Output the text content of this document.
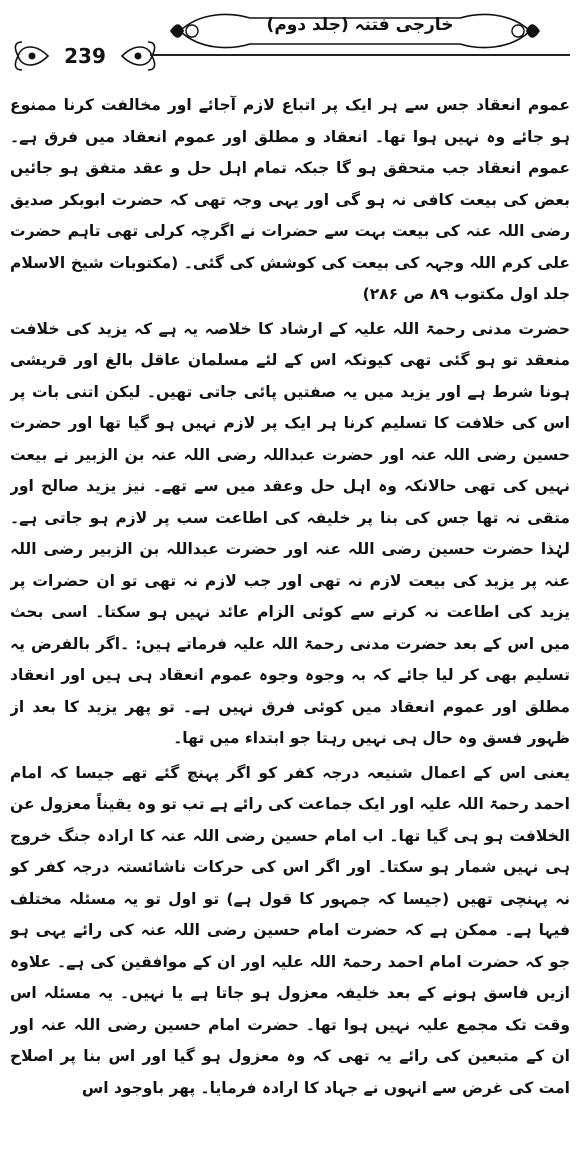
خارجی فتنہ (جلد دوم)
239

عموم انعقاد جس سے ہر ایک پر اتباع لازم آجائے اور مخالفت کرنا ممنوع ہو جائے وہ نہیں ہوا تھا۔ انعقاد و مطلق اور عموم انعقاد میں فرق ہے۔ عموم انعقاد جب متحقق ہو گا جبکہ تمام اہل حل و عقد متفق ہو جائیں بعض کی بیعت کافی نہ ہو گی اور یہی وجہ تھی کہ حضرت ابوبکر صدیق رضی اللہ عنہ کی بیعت بہت سے حضرات نے اگرچہ کرلی تھی تاہم حضرت علی کرم اللہ وجہہ کی بیعت کی کوشش کی گئی۔ (مکتوبات شیخ الاسلام جلد اول مکتوب ۸۹ ص ۲۸۶)

حضرت مدنی رحمۃ اللہ علیہ کے ارشاد کا خلاصہ یہ ہے کہ یزید کی خلافت منعقد تو ہو گئی تھی کیونکہ اس کے لئے مسلمان عاقل بالغ اور قریشی ہونا شرط ہے اور یزید میں یہ صفتیں پائی جاتی تھیں۔ لیکن اتنی بات پر اس کی خلافت کا تسلیم کرنا ہر ایک پر لازم نہیں ہو گیا تھا اور حضرت حسین رضی اللہ عنہ اور حضرت عبداللہ رضی اللہ عنہ بن الزبیر نے بیعت نہیں کی تھی حالانکہ وہ اہل حل وعقد میں سے تھے۔ نیز یزید صالح اور متقی نہ تھا جس کی بنا پر خلیفہ کی اطاعت سب پر لازم ہو جاتی ہے۔ لہٰذا حضرت حسین رضی اللہ عنہ اور حضرت عبداللہ بن الزبیر رضی اللہ عنہ پر یزید کی بیعت لازم نہ تھی اور جب لازم نہ تھی تو ان حضرات پر یزید کی اطاعت نہ کرنے سے کوئی الزام عائد نہیں ہو سکتا۔ اسی بحث میں اس کے بعد حضرت مدنی رحمۃ اللہ علیہ فرماتے ہیں: ۔اگر بالفرض یہ تسلیم بھی کر لیا جائے کہ بہ وجوہ وجوہ عموم انعقاد ہی ہیں اور انعقاد مطلق اور عموم انعقاد میں کوئی فرق نہیں ہے۔ تو پھر یزید کا بعد از ظہور فسق وہ حال ہی نہیں رہتا جو ابتداء میں تھا۔

یعنی اس کے اعمال شنیعہ درجہ کفر کو اگر پہنچ گئے تھے جیسا کہ امام احمد رحمۃ اللہ علیہ اور ایک جماعت کی رائے ہے تب تو وہ یقیناً معزول عن الخلافت ہو ہی گیا تھا۔ اب امام حسین رضی اللہ عنہ کا ارادہ جنگ خروج ہی نہیں شمار ہو سکتا۔ اور اگر اس کی حرکات ناشائستہ درجہ کفر کو نہ پہنچی تھیں (جیسا کہ جمہور کا قول ہے) تو اول تو یہ مسئلہ مختلف فیہا ہے۔ ممکن ہے کہ حضرت امام حسین رضی اللہ عنہ کی رائے یہی ہو جو کہ حضرت امام احمد رحمۃ اللہ علیہ اور ان کے موافقین کی ہے۔ علاوہ ازیں فاسق ہونے کے بعد خلیفہ معزول ہو جاتا ہے یا نہیں۔ یہ مسئلہ اس وقت تک مجمع علیہ نہیں ہوا تھا۔ حضرت امام حسین رضی اللہ عنہ اور ان کے متبعین کی رائے یہ تھی کہ وہ معزول ہو گیا اور اس بنا پر اصلاح امت کی غرض سے انہوں نے جہاد کا ارادہ فرمایا۔ پھر باوجود اس
